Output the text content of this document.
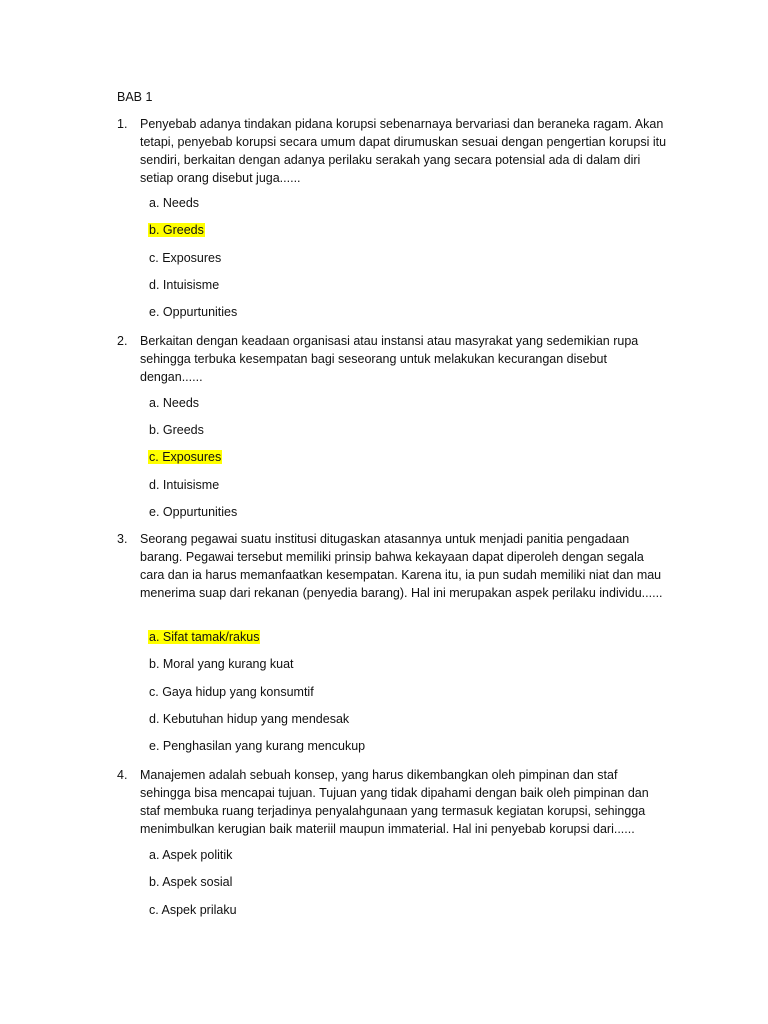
BAB 1
1. Penyebab adanya tindakan pidana korupsi sebenarnaya bervariasi dan beraneka ragam. Akan tetapi, penyebab korupsi secara umum dapat dirumuskan sesuai dengan pengertian korupsi itu sendiri, berkaitan dengan adanya perilaku serakah yang secara potensial ada di dalam diri setiap orang disebut juga......
a. Needs
b. Greeds
c. Exposures
d. Intuisisme
e. Oppurtunities
2. Berkaitan dengan keadaan organisasi atau instansi atau masyrakat yang sedemikian rupa sehingga terbuka kesempatan bagi seseorang untuk melakukan kecurangan disebut dengan......
a. Needs
b. Greeds
c. Exposures
d. Intuisisme
e. Oppurtunities
3. Seorang pegawai suatu institusi ditugaskan atasannya untuk menjadi panitia pengadaan barang. Pegawai tersebut memiliki prinsip bahwa kekayaan dapat diperoleh dengan segala cara dan ia harus memanfaatkan kesempatan. Karena itu, ia pun sudah memiliki niat dan mau menerima suap dari rekanan (penyedia barang). Hal ini merupakan aspek perilaku individu......
a. Sifat tamak/rakus
b. Moral yang kurang kuat
c. Gaya hidup yang konsumtif
d. Kebutuhan hidup yang mendesak
e. Penghasilan yang kurang mencukup
4. Manajemen adalah sebuah konsep, yang harus dikembangkan oleh pimpinan dan staf sehingga bisa mencapai tujuan. Tujuan yang tidak dipahami dengan baik oleh pimpinan dan staf membuka ruang terjadinya penyalahgunaan yang termasuk kegiatan korupsi, sehingga menimbulkan kerugian baik materiil maupun immaterial. Hal ini penyebab korupsi dari......
a. Aspek politik
b. Aspek sosial
c. Aspek prilaku
